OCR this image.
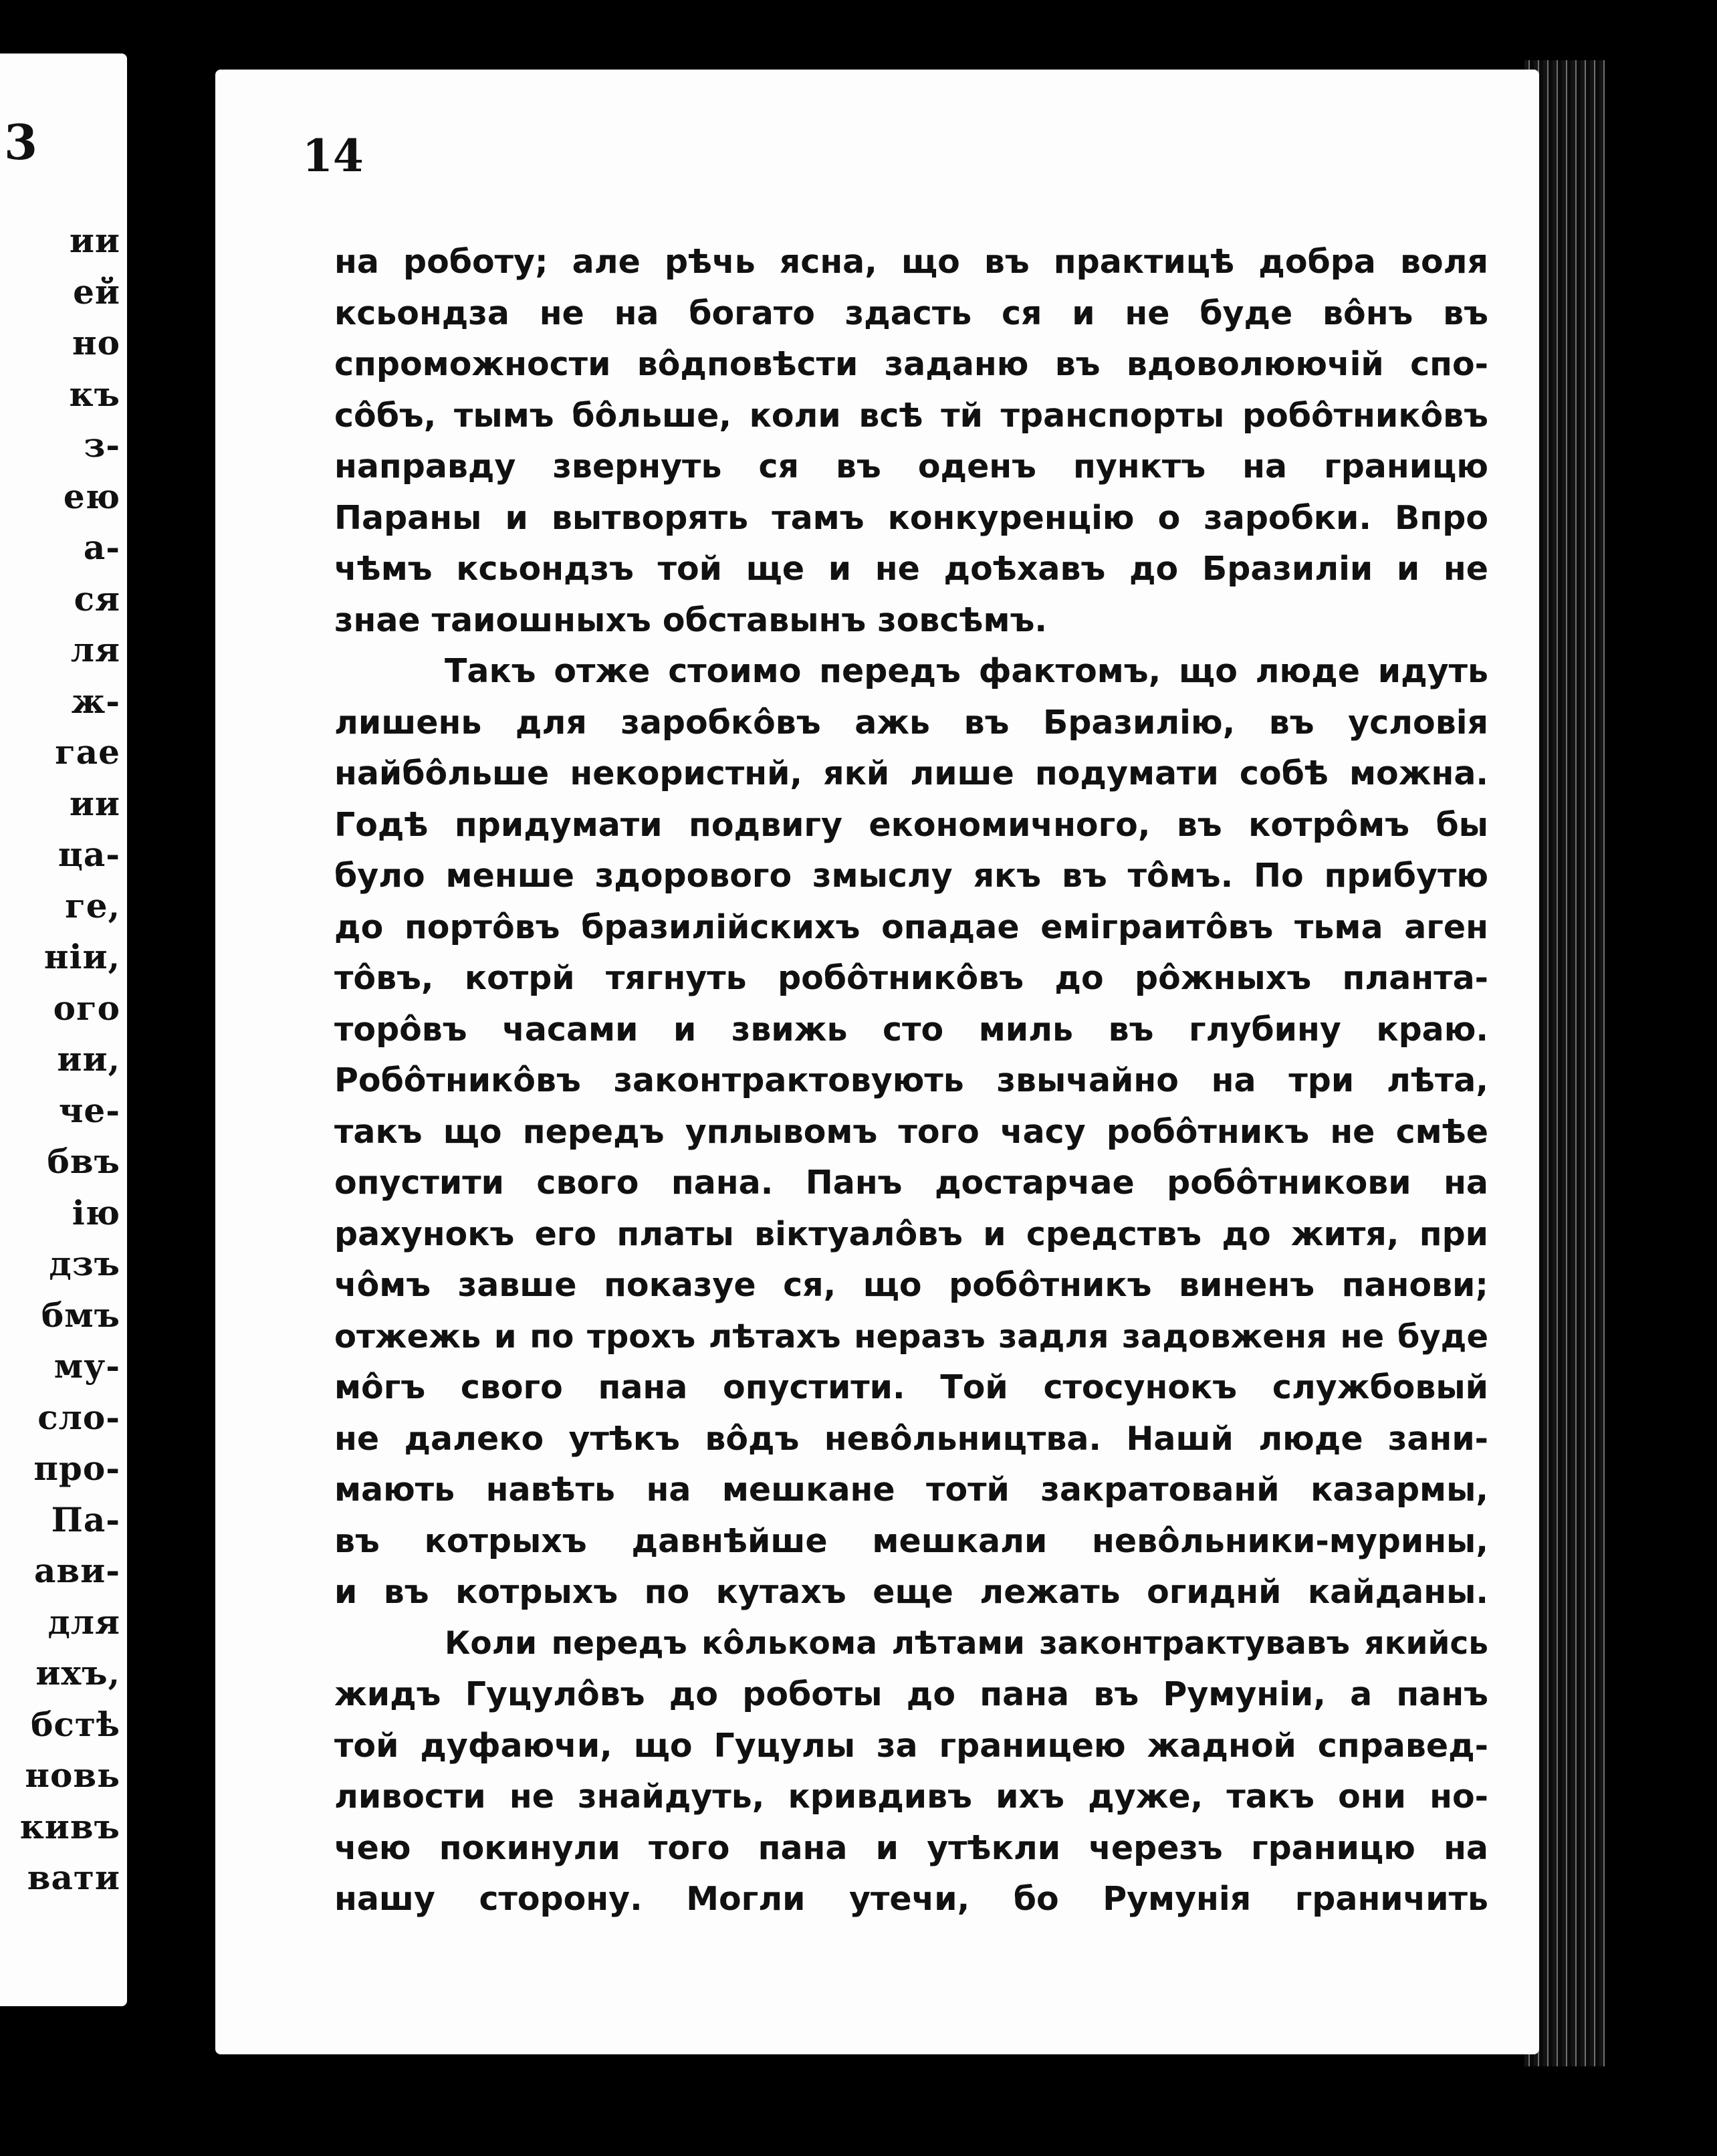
3
ии
ей
но
къ
з-
ею
а-
ся
ля
ж-
гае
ии
ца-
ге,
ніи,
ого
ии,
че-
бвъ
ію
дзъ
бмъ
му-
сло-
про-
Па-
ави-
для
ихъ,
бстѣ
новь
кивъ
вати
14
на роботу; але рѣчь ясна, що въ практицѣ добра воля
ксьондза не на богато здасть ся и не буде вôнъ въ
спроможности вôдповѣсти заданю въ вдоволюючій спо-
сôбъ, тымъ бôльше, коли всѣ тй транспорты робôтникôвъ
направду звернуть ся въ оденъ пунктъ на границю
Параны и вытворять тамъ конкуренцію о заробки. Впро
чѣмъ ксьондзъ той ще и не доѣхавъ до Бразиліи и не
знае таиошныхъ обставынъ зовсѣмъ.
Такъ отже стоимо передъ фактомъ, що люде идуть
лишень для заробкôвъ ажь въ Бразилію, въ условія
найбôльше некористнй, якй лише подумати собѣ можна.
Годѣ придумати подвигу економичного, въ котрôмъ бы
було менше здорового змыслу якъ въ тôмъ. По прибутю
до портôвъ бразилійскихъ опадае еміграитôвъ тьма аген
тôвъ, котрй тягнуть робôтникôвъ до рôжныхъ планта-
торôвъ часами и звижь сто миль въ глубину краю.
Робôтникôвъ законтрактовують звычайно на три лѣта,
такъ що передъ уплывомъ того часу робôтникъ не смѣе
опустити свого пана. Панъ достарчае робôтникови на
рахунокъ его платы віктуалôвъ и средствъ до житя, при
чôмъ завше показуе ся, що робôтникъ виненъ панови;
отжежь и по трохъ лѣтахъ неразъ задля задовженя не буде
мôгъ свого пана опустити. Той стосунокъ службовый
не далеко утѣкъ вôдъ невôльництва. Нашй люде зани-
мають навѣть на мешкане тотй закратованй казармы,
въ котрыхъ давнѣйше мешкали невôльники-мурины,
и въ котрыхъ по кутахъ еще лежать огиднй кайданы.
Коли передъ кôлькома лѣтами законтрактувавъ якийсь
жидъ Гуцулôвъ до роботы до пана въ Румуніи, а панъ
той дуфаючи, що Гуцулы за границею жадной справед-
ливости не знайдуть, кривдивъ ихъ дуже, такъ они но-
чею покинули того пана и утѣкли черезъ границю на
нашу сторону. Могли утечи, бо Румунія граничить
